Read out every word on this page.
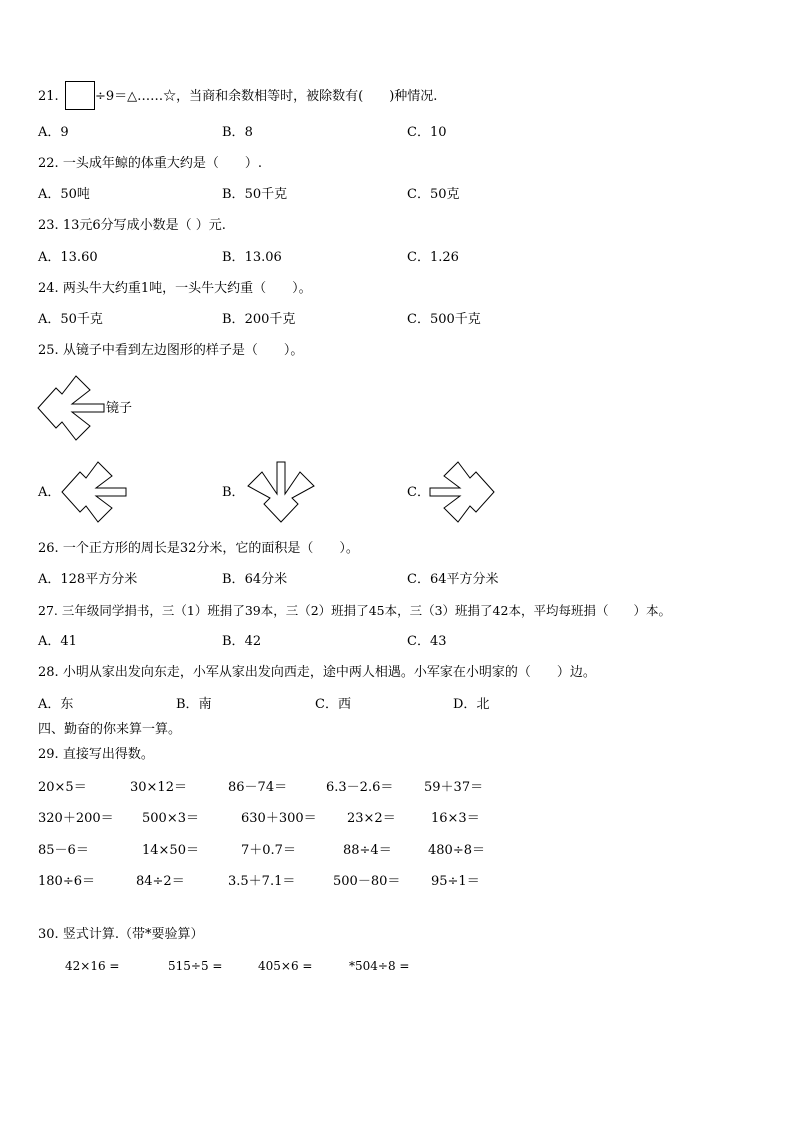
21.	÷9＝△……☆，当商和余数相等时，被除数有(　　)种情况.
A．9	B．8	C．10
22. 一头成年鲸的体重大约是（　　）.
A．50吨	B．50千克	C．50克
23. 13元6分写成小数是（ ）元.
A．13.60	B．13.06	C．1.26
24. 两头牛大约重1吨，一头牛大约重（　　）。
A．50千克	B．200千克	C．500千克
25. 从镜子中看到左边图形的样子是（　　）。
镜子
A．	B．	C．
26. 一个正方形的周长是32分米，它的面积是（　　）。
A．128平方分米	B．64分米	C．64平方分米
27. 三年级同学捐书，三（1）班捐了39本，三（2）班捐了45本，三（3）班捐了42本，平均每班捐（　　）本。
A．41	B．42	C．43
28. 小明从家出发向东走，小军从家出发向西走，途中两人相遇。小军家在小明家的（　　）边。
A．东	B．南	C．西	D．北
四、勤奋的你来算一算。
29. 直接写出得数。
20×5＝	30×12＝	86－74＝	6.3－2.6＝ 59＋37＝
320＋200＝ 500×3＝	630＋300＝ 23×2＝	16×3＝
85－6＝	14×50＝	7＋0.7＝	88÷4＝	480÷8＝
180÷6＝	84÷2＝	3.5＋7.1＝	500－80＝ 95÷1＝
30. 竖式计算.（带*要验算）
42×16 =	515÷5 =	405×6 =	*504÷8 =
